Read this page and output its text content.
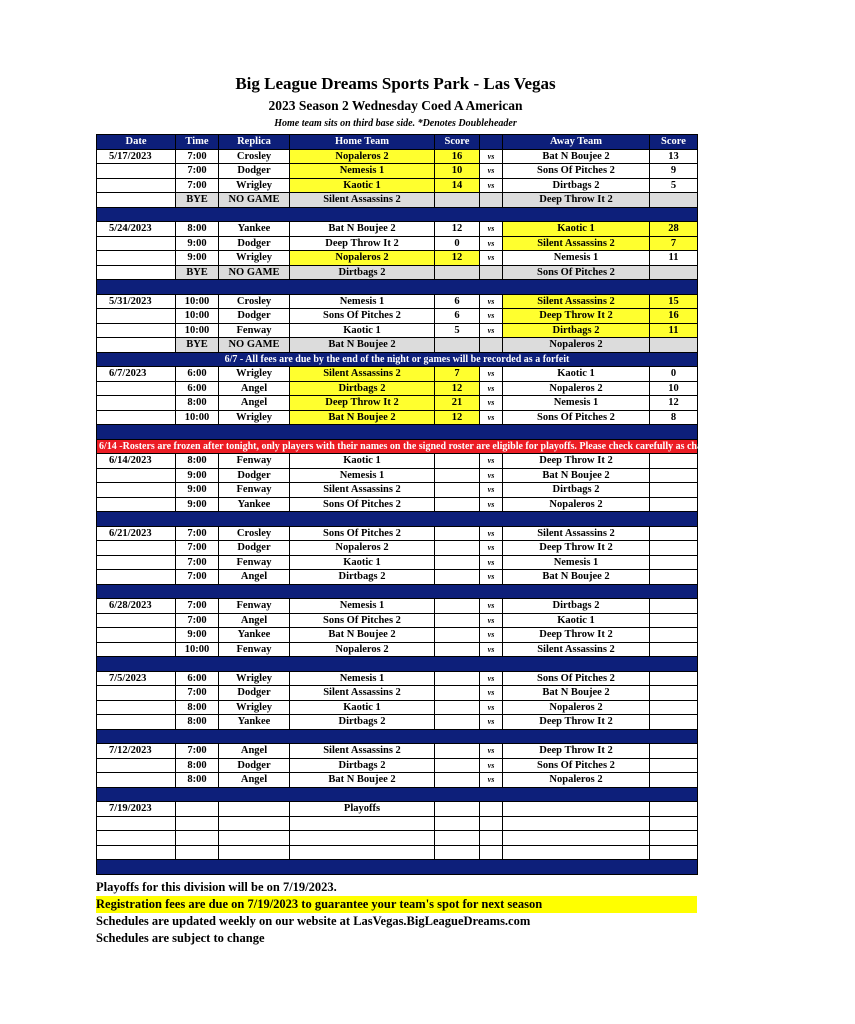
Big League Dreams Sports Park - Las Vegas
2023 Season 2 Wednesday Coed A American
Home team sits on third base side. *Denotes Doubleheader
Date	Time	Replica	Home Team	Score		Away Team	Score
5/17/2023	7:00	Crosley	Nopaleros 2	16	vs	Bat N Boujee 2	13
	7:00	Dodger	Nemesis 1	10	vs	Sons Of Pitches 2	9
	7:00	Wrigley	Kaotic 1	14	vs	Dirtbags 2	5
	BYE	NO GAME	Silent Assassins 2			Deep Throw It 2	

5/24/2023	8:00	Yankee	Bat N Boujee 2	12	vs	Kaotic 1	28
	9:00	Dodger	Deep Throw It 2	0	vs	Silent Assassins 2	7
	9:00	Wrigley	Nopaleros 2	12	vs	Nemesis 1	11
	BYE	NO GAME	Dirtbags 2			Sons Of Pitches 2	

5/31/2023	10:00	Crosley	Nemesis 1	6	vs	Silent Assassins 2	15
	10:00	Dodger	Sons Of Pitches 2	6	vs	Deep Throw It 2	16
	10:00	Fenway	Kaotic 1	5	vs	Dirtbags 2	11
	BYE	NO GAME	Bat N Boujee 2			Nopaleros 2	
6/7 - All fees are due by the end of the night or games will be recorded as a forfeit							
6/7/2023	6:00	Wrigley	Silent Assassins 2	7	vs	Kaotic 1	0
	6:00	Angel	Dirtbags 2	12	vs	Nopaleros 2	10
	8:00	Angel	Deep Throw It 2	21	vs	Nemesis 1	12
	10:00	Wrigley	Bat N Boujee 2	12	vs	Sons Of Pitches 2	8

6/14 -Rosters are frozen after tonight, only players with their names on the signed roster are eligible for playoffs. Please check carefully as changes will not be made for omissions.							
6/14/2023	8:00	Fenway	Kaotic 1		vs	Deep Throw It 2	
	9:00	Dodger	Nemesis 1		vs	Bat N Boujee 2	
	9:00	Fenway	Silent Assassins 2		vs	Dirtbags 2	
	9:00	Yankee	Sons Of Pitches 2		vs	Nopaleros 2	

6/21/2023	7:00	Crosley	Sons Of Pitches 2		vs	Silent Assassins 2	
	7:00	Dodger	Nopaleros 2		vs	Deep Throw It 2	
	7:00	Fenway	Kaotic 1		vs	Nemesis 1	
	7:00	Angel	Dirtbags 2		vs	Bat N Boujee 2	

6/28/2023	7:00	Fenway	Nemesis 1		vs	Dirtbags 2	
	7:00	Angel	Sons Of Pitches 2		vs	Kaotic 1	
	9:00	Yankee	Bat N Boujee 2		vs	Deep Throw It 2	
	10:00	Fenway	Nopaleros 2		vs	Silent Assassins 2	

7/5/2023	6:00	Wrigley	Nemesis 1		vs	Sons Of Pitches 2	
	7:00	Dodger	Silent Assassins 2		vs	Bat N Boujee 2	
	8:00	Wrigley	Kaotic 1		vs	Nopaleros 2	
	8:00	Yankee	Dirtbags 2		vs	Deep Throw It 2	

7/12/2023	7:00	Angel	Silent Assassins 2		vs	Deep Throw It 2	
	8:00	Dodger	Dirtbags 2		vs	Sons Of Pitches 2	
	8:00	Angel	Bat N Boujee 2		vs	Nopaleros 2	

7/19/2023			Playoffs				

Playoffs for this division will be on 7/19/2023.
Registration fees are due on 7/19/2023 to guarantee your team's spot for next season
Schedules are updated weekly on our website at LasVegas.BigLeagueDreams.com
Schedules are subject to change
